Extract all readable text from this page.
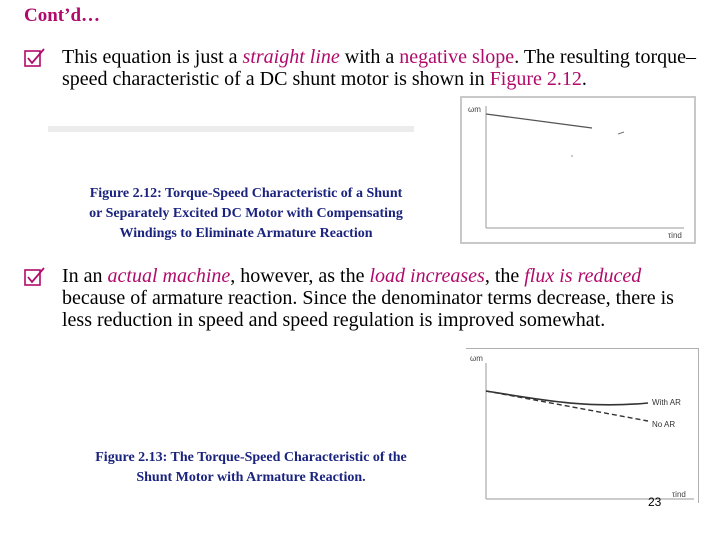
Cont’d…
This equation is just a straight line with a negative slope. The resulting torque–speed characteristic of a DC shunt motor is shown in Figure 2.12.
ωm
τind
Figure 2.12: Torque-Speed Characteristic of a Shunt
or Separately Excited DC Motor with Compensating
Windings to Eliminate Armature Reaction
In an actual machine, however, as the load increases, the flux is reduced because of armature reaction. Since the denominator terms decrease, there is less reduction in speed and speed regulation is improved somewhat.
ωm
τind
With AR
No AR
Figure 2.13: The Torque-Speed Characteristic of the
Shunt Motor with Armature Reaction.
23
